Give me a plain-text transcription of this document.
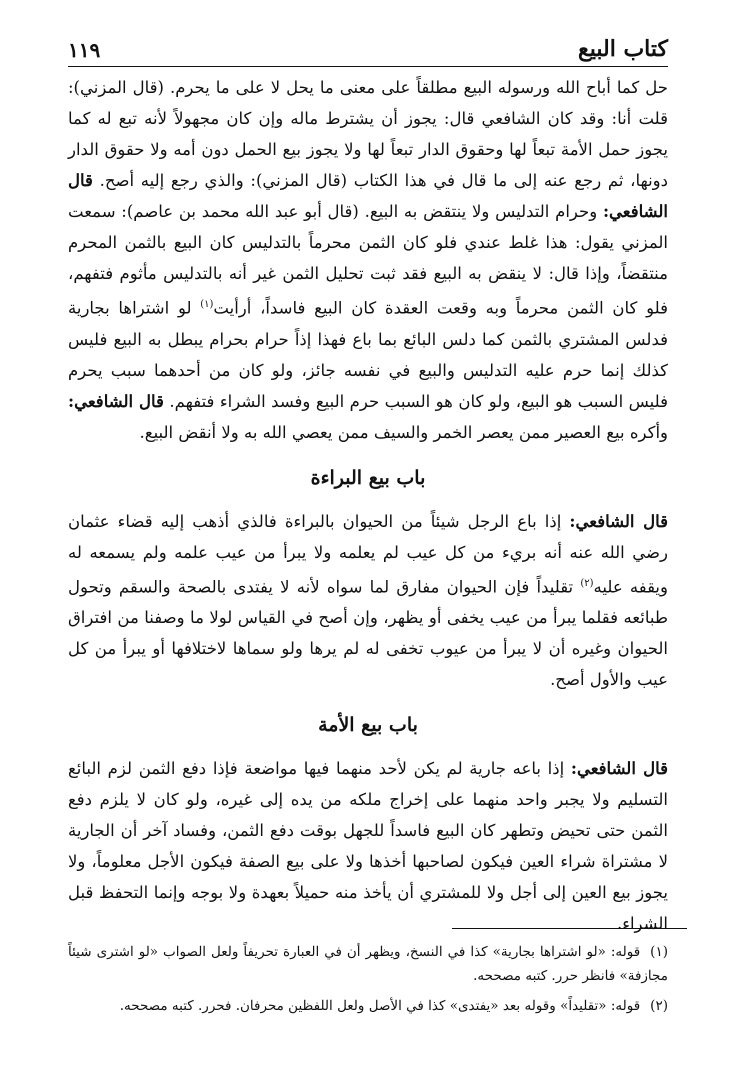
كتاب البيع
١١٩

حل كما أباح الله ورسوله البيع مطلقاً على معنى ما يحل لا على ما يحرم. (قال المزني): قلت أنا: وقد كان الشافعي قال: يجوز أن يشترط ماله وإن كان مجهولاً لأنه تبع له كما يجوز حمل الأمة تبعاً لها وحقوق الدار تبعاً لها ولا يجوز بيع الحمل دون أمه ولا حقوق الدار دونها، ثم رجع عنه إلى ما قال في هذا الكتاب (قال المزني): والذي رجع إليه أصح. قال الشافعي: وحرام التدليس ولا ينتقض به البيع. (قال أبو عبد الله محمد بن عاصم): سمعت المزني يقول: هذا غلط عندي فلو كان الثمن محرماً بالتدليس كان البيع بالثمن المحرم منتقضاً، وإذا قال: لا ينقض به البيع فقد ثبت تحليل الثمن غير أنه بالتدليس مأثوم فتفهم، فلو كان الثمن محرماً وبه وقعت العقدة كان البيع فاسداً، أرأيت$^{(١)}$ لو اشتراها بجارية فدلس المشتري بالثمن كما دلس البائع بما باع فهذا إذاً حرام بحرام يبطل به البيع فليس كذلك إنما حرم عليه التدليس والبيع في نفسه جائز، ولو كان من أحدهما سبب يحرم فليس السبب هو البيع، ولو كان هو السبب حرم البيع وفسد الشراء فتفهم. قال الشافعي: وأكره بيع العصير ممن يعصر الخمر والسيف ممن يعصي الله به ولا أنقض البيع.

باب بيع البراءة

قال الشافعي: إذا باع الرجل شيئاً من الحيوان بالبراءة فالذي أذهب إليه قضاء عثمان رضي الله عنه أنه بريء من كل عيب لم يعلمه ولا يبرأ من عيب علمه ولم يسمعه له ويقفه عليه$^{(٢)}$ تقليداً فإن الحيوان مفارق لما سواه لأنه لا يفتدى بالصحة والسقم وتحول طبائعه فقلما يبرأ من عيب يخفى أو يظهر، وإن أصح في القياس لولا ما وصفنا من افتراق الحيوان وغيره أن لا يبرأ من عيوب تخفى له لم يرها ولو سماها لاختلافها أو يبرأ من كل عيب والأول أصح.

باب بيع الأمة

قال الشافعي: إذا باعه جارية لم يكن لأحد منهما فيها مواضعة فإذا دفع الثمن لزم البائع التسليم ولا يجبر واحد منهما على إخراج ملكه من يده إلى غيره، ولو كان لا يلزم دفع الثمن حتى تحيض وتطهر كان البيع فاسداً للجهل بوقت دفع الثمن، وفساد آخر أن الجارية لا مشتراة شراء العين فيكون لصاحبها أخذها ولا على بيع الصفة فيكون الأجل معلوماً، ولا يجوز بيع العين إلى أجل ولا للمشتري أن يأخذ منه حميلاً بعهدة ولا بوجه وإنما التحفظ قبل الشراء.

(١)قوله: «لو اشتراها بجارية» كذا في النسخ، ويظهر أن في العبارة تحريفاً ولعل الصواب «لو اشترى شيئاً مجازفة» فانظر حرر. كتبه مصححه.

(٢)قوله: «تقليداً» وقوله بعد «يفتدى» كذا في الأصل ولعل اللفظين محرفان. فحرر. كتبه مصححه.
